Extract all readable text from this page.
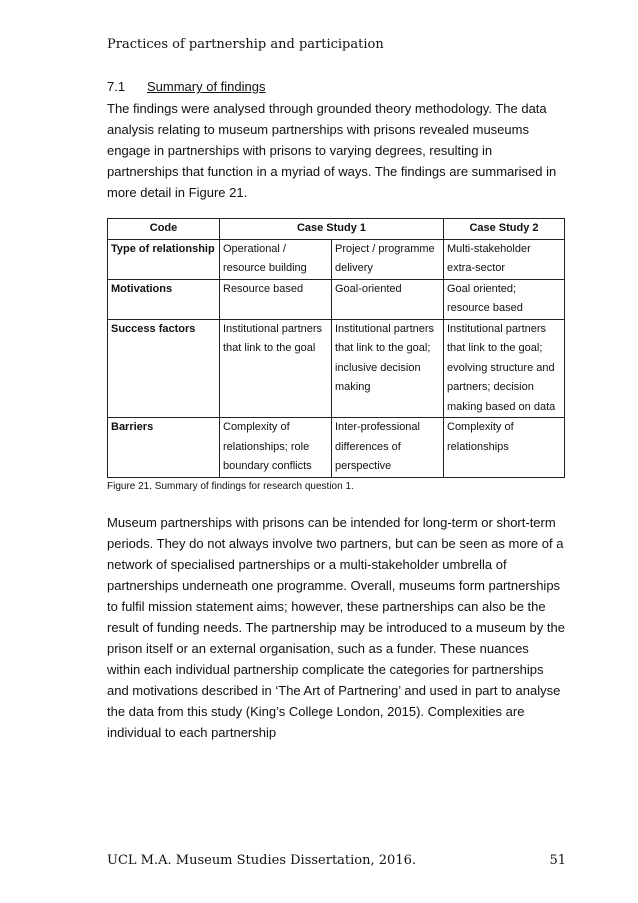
Practices of partnership and participation
7.1 Summary of findings

The findings were analysed through grounded theory methodology. The data analysis relating to museum partnerships with prisons revealed museums engage in partnerships with prisons to varying degrees, resulting in partnerships that function in a myriad of ways. The findings are summarised in more detail in Figure 21.

Code	Case Study 1		Case Study 2
Type of relationship	Operational / resource building	Project / programme delivery	Multi-stakeholder extra-sector
Motivations	Resource based	Goal-oriented	Goal oriented; resource based
Success factors	Institutional partners that link to the goal	Institutional partners that link to the goal; inclusive decision making	Institutional partners that link to the goal; evolving structure and partners; decision making based on data
Barriers	Complexity of relationships; role boundary conflicts	Inter-professional differences of perspective	Complexity of relationships

Figure 21. Summary of findings for research question 1.

Museum partnerships with prisons can be intended for long-term or short-term periods. They do not always involve two partners, but can be seen as more of a network of specialised partnerships or a multi-stakeholder umbrella of partnerships underneath one programme. Overall, museums form partnerships to fulfil mission statement aims; however, these partnerships can also be the result of funding needs. The partnership may be introduced to a museum by the prison itself or an external organisation, such as a funder. These nuances within each individual partnership complicate the categories for partnerships and motivations described in ‘The Art of Partnering’ and used in part to analyse the data from this study (King’s College London, 2015). Complexities are individual to each partnership

UCL M.A. Museum Studies Dissertation, 2016.	51
